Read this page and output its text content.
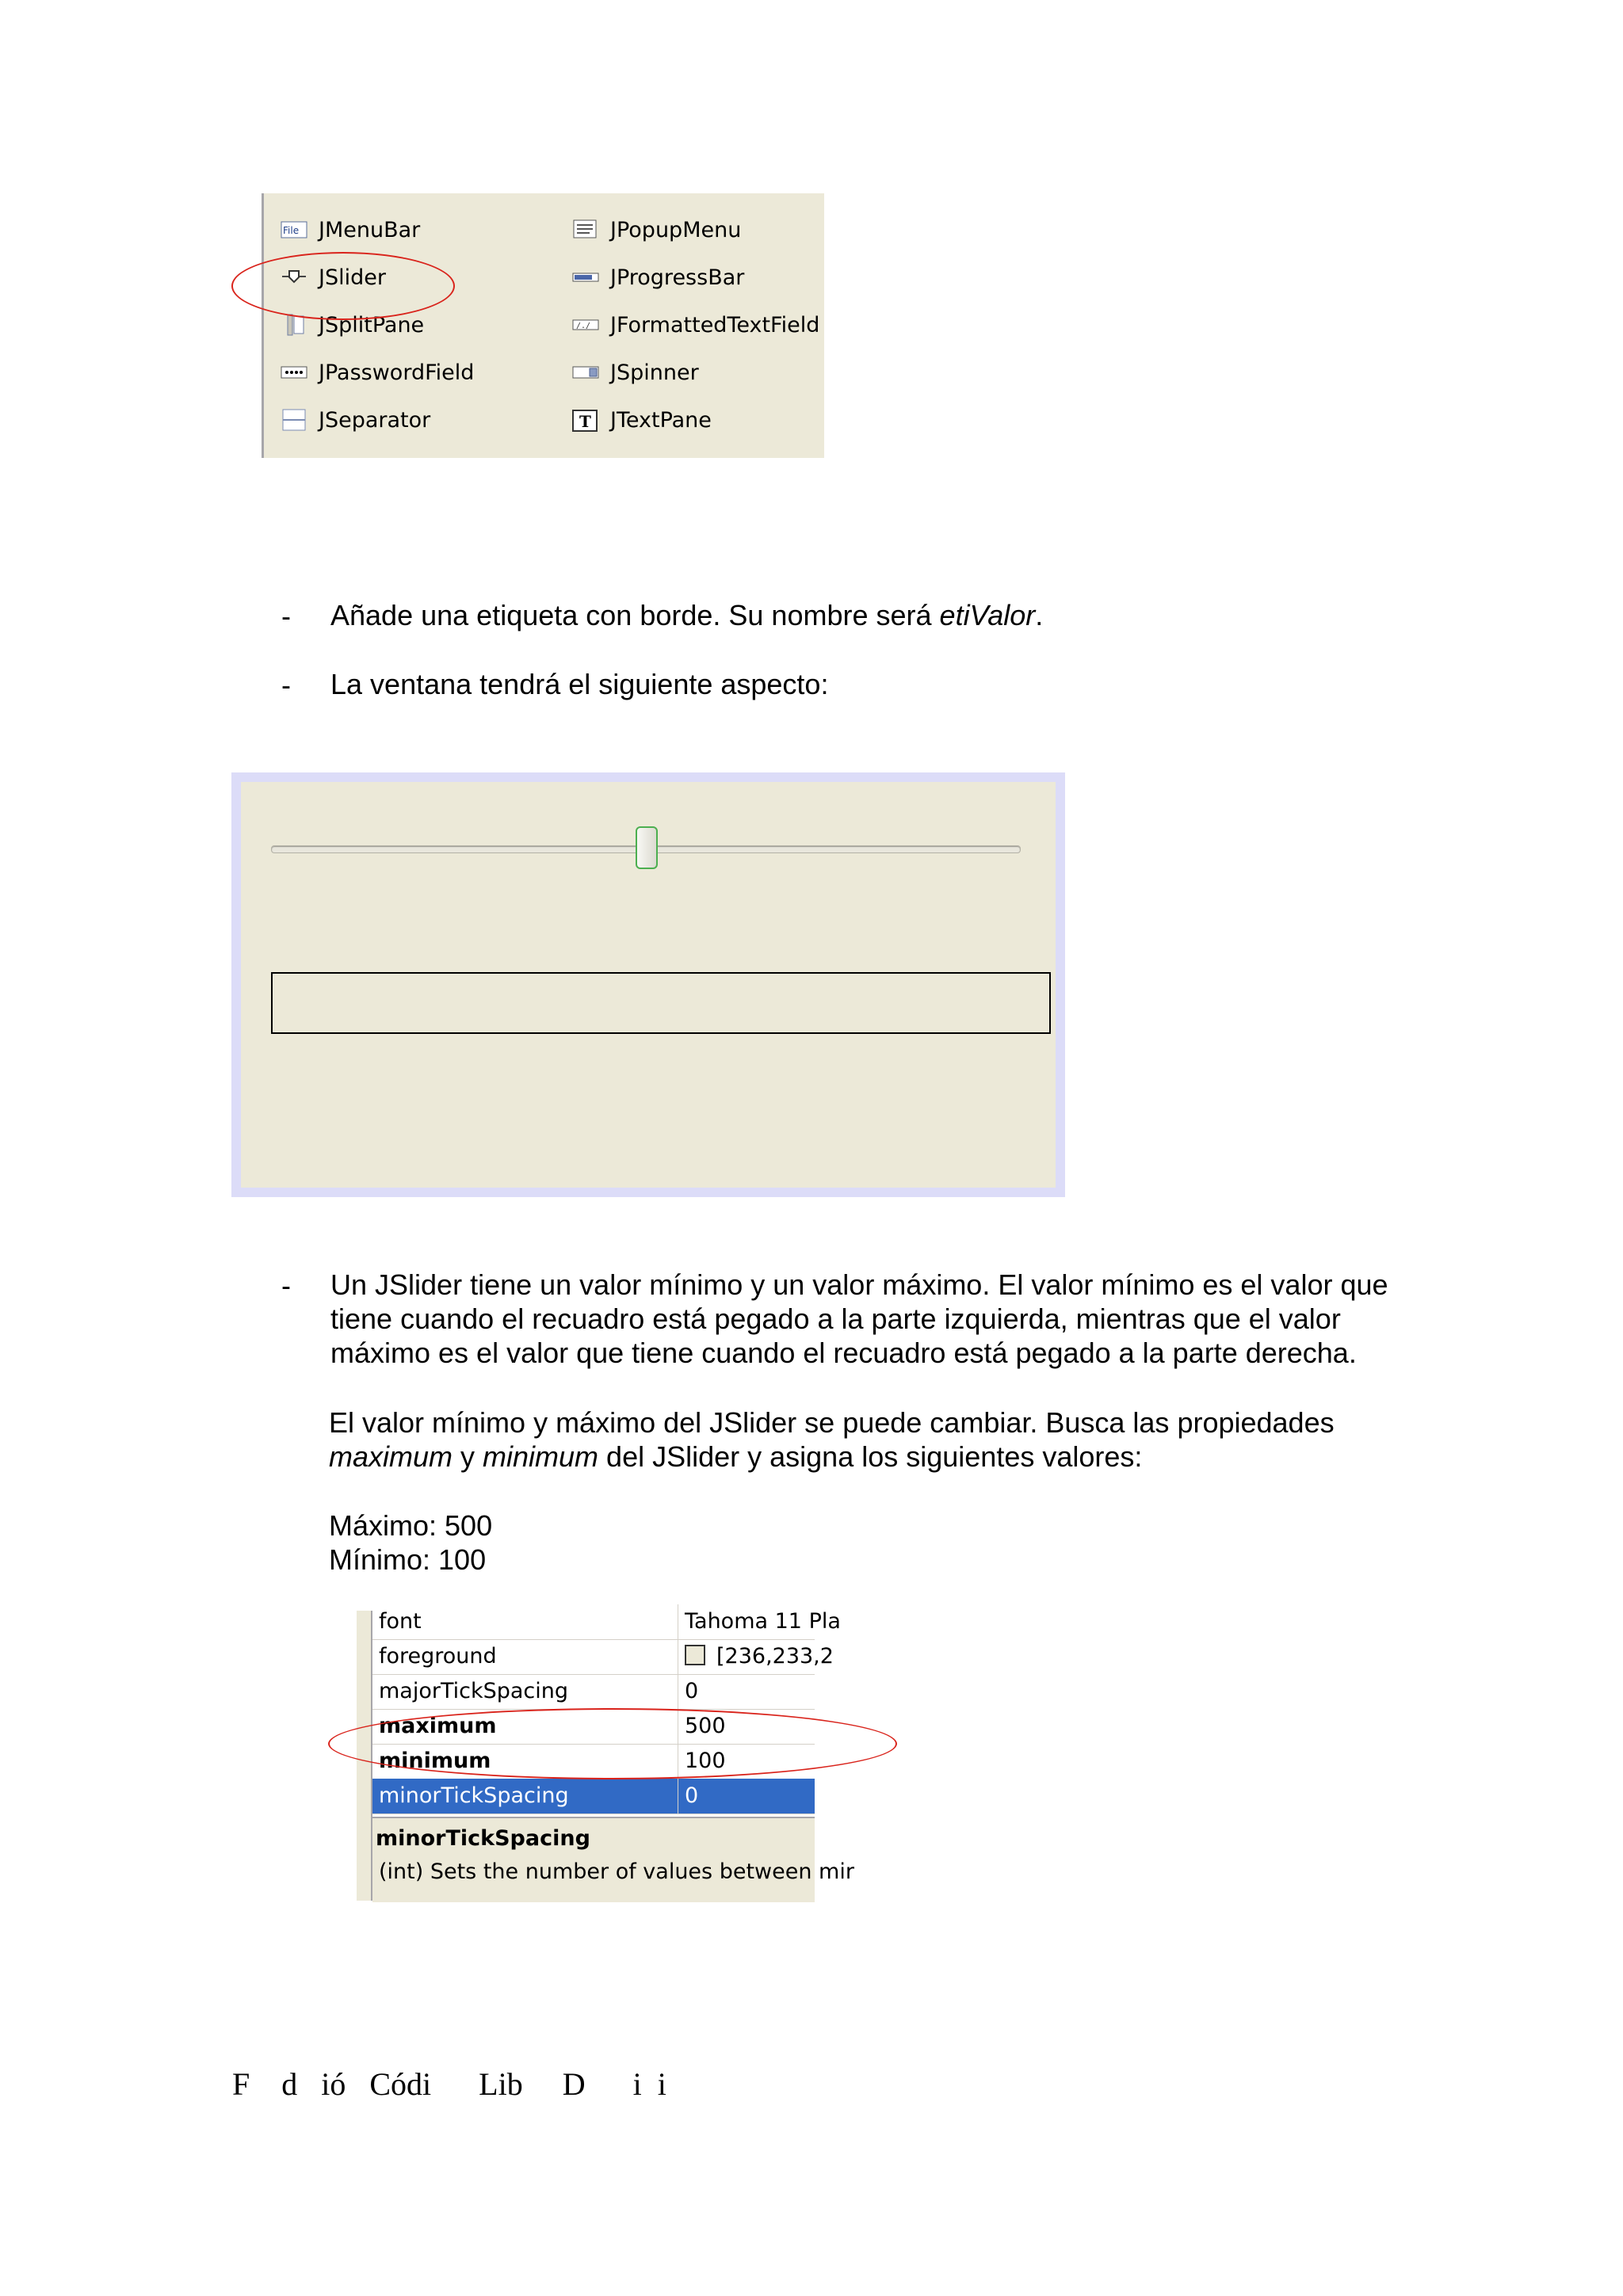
File JMenuBar
JSlider
JSplitPane
JPasswordField
JSeparator
JPopupMenu
JProgressBar
/./ JFormattedTextField
JSpinner
T JTextPane
- Añade una etiqueta con borde. Su nombre será etiValor.
- La ventana tendrá el siguiente aspecto:
- Un JSlider tiene un valor mínimo y un valor máximo. El valor mínimo es el valor que
tiene cuando el recuadro está pegado a la parte izquierda, mientras que el valor
máximo es el valor que tiene cuando el recuadro está pegado a la parte derecha.
El valor mínimo y máximo del JSlider se puede cambiar. Busca las propiedades
maximum y minimum del JSlider y asigna los siguientes valores:
Máximo: 500
Mínimo: 100
font	Tahoma 11 Pla
foreground	[236,233,2
majorTickSpacing	0
maximum	500
minimum	100
minorTickSpacing	0
minorTickSpacing
(int) Sets the number of values between mir
F    d   ió   Códi      Lib     D      i  i
